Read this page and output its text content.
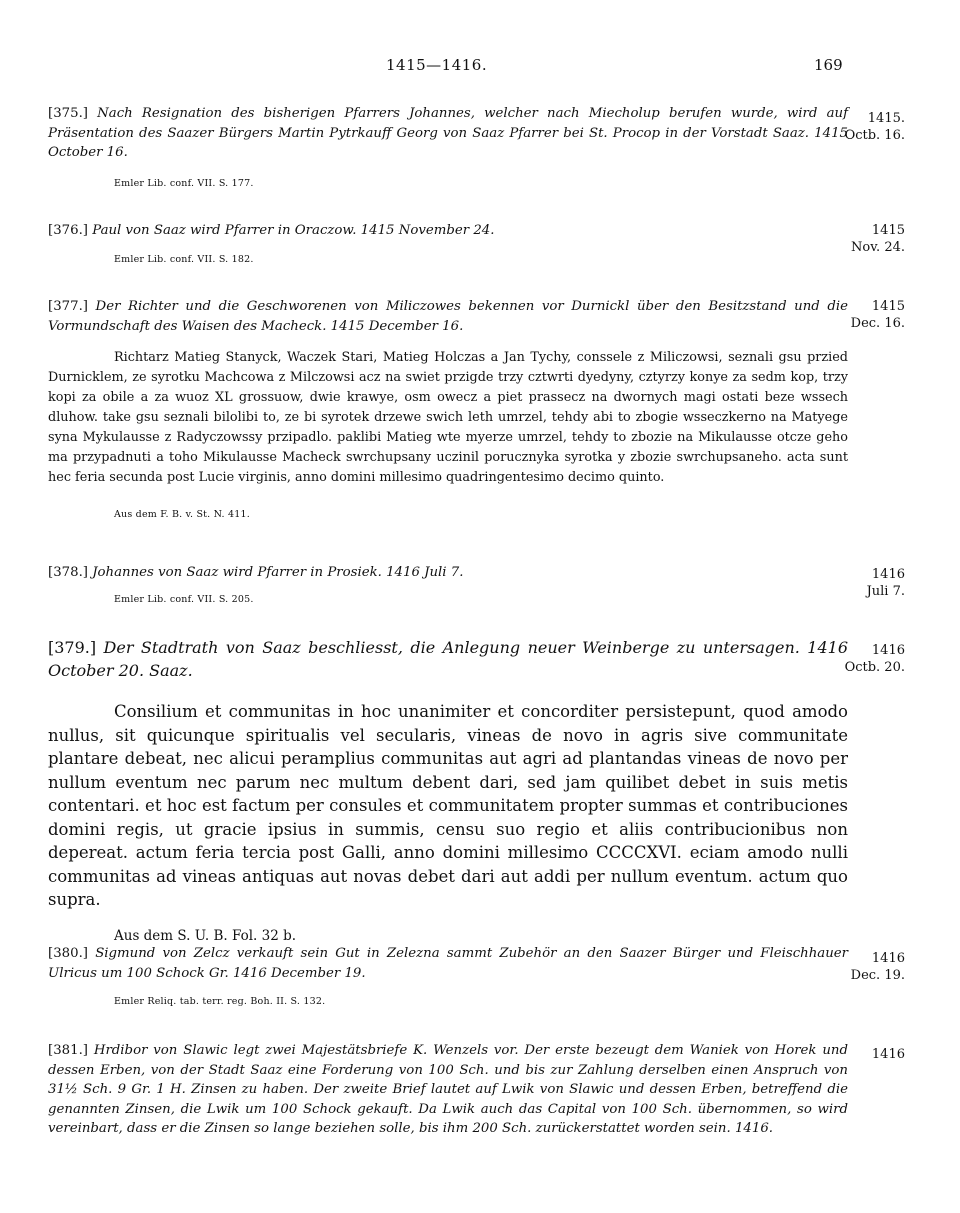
1415—1416.	169

[375.] Nach Resignation des bisherigen Pfarrers Johannes, welcher nach Miecholup berufen wurde, wird auf Präsentation des Saazer Bürgers Martin Pytrkauff Georg von Saaz Pfarrer bei St. Procop in der Vorstadt Saaz. 1415 October 16.

Emler Lib. conf. VII. S. 177.

1415.
Octb. 16.

[376.] Paul von Saaz wird Pfarrer in Oraczow. 1415 November 24.

Emler Lib. conf. VII. S. 182.

1415
Nov. 24.

[377.] Der Richter und die Geschworenen von Miliczowes bekennen vor Durnickl über den Besitzstand und die Vormundschaft des Waisen des Macheck. 1415 December 16.

Richtarz Matieg Stanyck, Waczek Stari, Matieg Holczas a Jan Tychy, conssele z Miliczowsi, seznali gsu przied Durnicklem, ze syrotku Machcowa z Milczowsi acz na swiet przigde trzy cztwrti dyedyny, cztyrzy konye za sedm kop, trzy kopi za obile a za wuoz XL grossuow, dwie krawye, osm owecz a piet prassecz na dwornych magi ostati beze wssech dluhow. take gsu seznali bilolibi to, ze bi syrotek drzewe swich leth umrzel, tehdy abi to zbogie wsseczkerno na Matyege syna Mykulausse z Radyczowssy przipadlo. paklibi Matieg wte myerze umrzel, tehdy to zbozie na Mikulausse otcze geho ma przypadnuti a toho Mikulausse Macheck swrchupsany uczinil porucznyka syrotka y zbozie swrchupsaneho. acta sunt hec feria secunda post Lucie virginis, anno domini millesimo quadringentesimo decimo quinto.

Aus dem F. B. v. St. N. 411.

1415
Dec. 16.

[378.] Johannes von Saaz wird Pfarrer in Prosiek. 1416 Juli 7.

Emler Lib. conf. VII. S. 205.

1416
Juli 7.

[379.] Der Stadtrath von Saaz beschliesst, die Anlegung neuer Weinberge zu untersagen. 1416 October 20. Saaz.

Consilium et communitas in hoc unanimiter et concorditer persistерunt, quod amodo nullus, sit quicunque spiritualis vel secularis, vineas de novo in agris sive communitate plantare debeat, nec alicui peramplius communitas aut agri ad plantandas vineas de novo per nullum eventum nec parum nec multum debent dari, sed jam quilibet debet in suis metis contentari. et hoc est factum per consules et communitatem propter summas et contribuciones domini regis, ut gracie ipsius in summis, censu suo regio et aliis contribucionibus non depereat. actum feria tercia post Galli, anno domini millesimo CCCCXVI. eciam amodo nulli communitas ad vineas antiquas aut novas debet dari aut addi per nullum eventum. actum quo supra.

Aus dem S. U. B. Fol. 32 b.

1416
Octb. 20.

[380.] Sigmund von Zelcz verkauft sein Gut in Zelezna sammt Zubehör an den Saazer Bürger und Fleischhauer Ulricus um 100 Schock Gr. 1416 December 19.

Emler Reliq. tab. terr. reg. Boh. II. S. 132.

1416
Dec. 19.

[381.] Hrdibor von Slawic legt zwei Majestätsbriefe K. Wenzels vor. Der erste bezeugt dem Waniek von Horek und dessen Erben, von der Stadt Saaz eine Forderung von 100 Sch. und bis zur Zahlung derselben einen Anspruch von 31½ Sch. 9 Gr. 1 H. Zinsen zu haben. Der zweite Brief lautet auf Lwik von Slawic und dessen Erben, betreffend die genannten Zinsen, die Lwik um 100 Schock gekauft. Da Lwik auch das Capital von 100 Sch. übernommen, so wird vereinbart, dass er die Zinsen so lange beziehen solle, bis ihm 200 Sch. zurückerstattet worden sein. 1416.

1416
